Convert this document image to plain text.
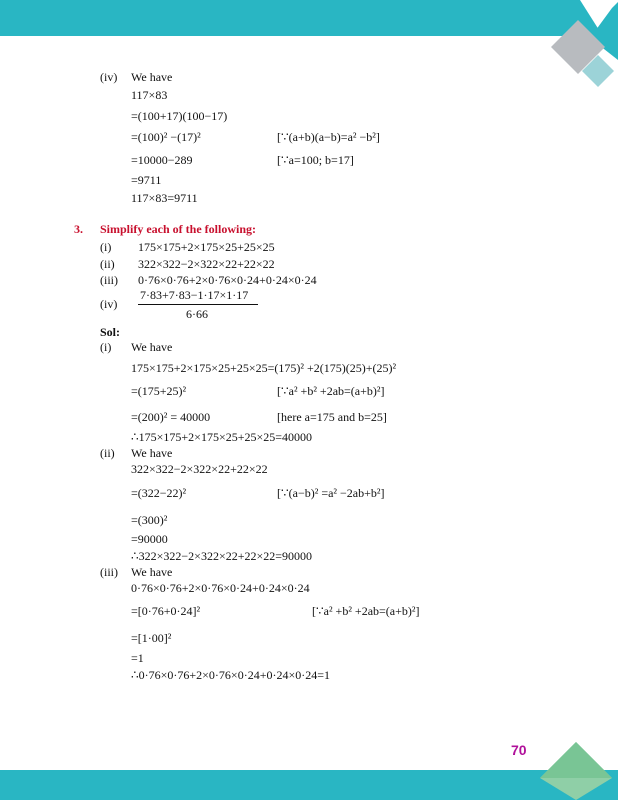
(iv) We have
117×83
=(100+17)(100−17)
=(100)² −(17)²	[∵(a+b)(a−b)=a² −b²]
=10000−289	[∵a=100; b=17]
=9711
117×83=9711
3. Simplify each of the following:
(i) 175×175+2×175×25+25×25
(ii) 322×322−2×322×22+22×22
(iii) 0·76×0·76+2×0·76×0·24+0·24×0·24
(iv)
7·83+7·83−1·17×1·17
6·66
Sol:
(i) We have
175×175+2×175×25+25×25=(175)² +2(175)(25)+(25)²
=(175+25)²	[∵a² +b² +2ab=(a+b)²]
=(200)² = 40000	[here a=175 and b=25]
∴175×175+2×175×25+25×25=40000
(ii) We have
322×322−2×322×22+22×22
=(322−22)²	[∵(a−b)² =a² −2ab+b²]
=(300)²
=90000
∴322×322−2×322×22+22×22=90000
(iii) We have
0·76×0·76+2×0·76×0·24+0·24×0·24
=[0·76+0·24]²	[∵a² +b² +2ab=(a+b)²]
=[1·00]²
=1
∴0·76×0·76+2×0·76×0·24+0·24×0·24=1
70
